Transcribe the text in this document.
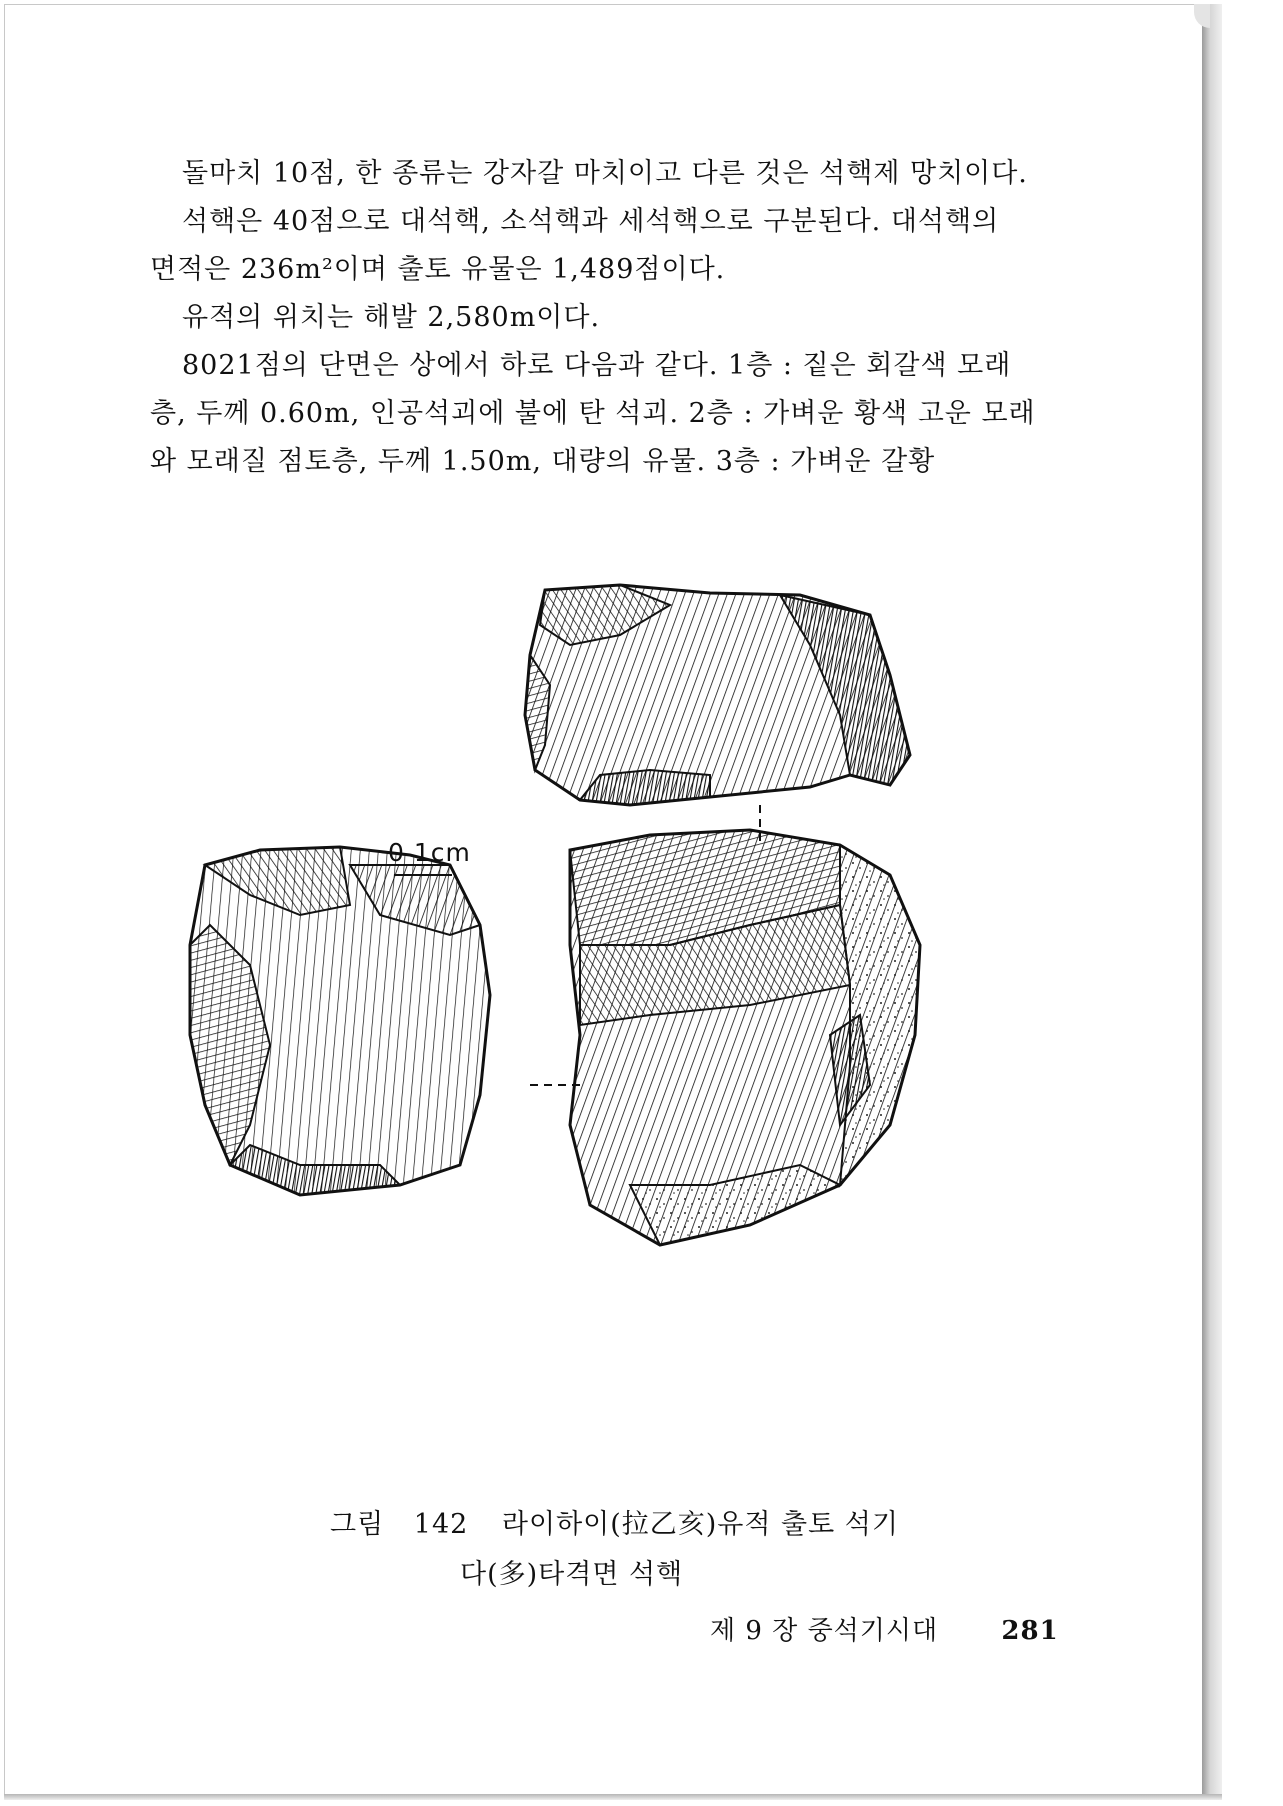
돌마치 10점, 한 종류는 강자갈 마치이고 다른 것은 석핵제 망치이다.

석핵은 40점으로 대석핵, 소석핵과 세석핵으로 구분된다. 대석핵의

면적은 236m²이며 출토 유물은 1,489점이다.

유적의 위치는 해발 2,580m이다.

8021점의 단면은 상에서 하로 다음과 같다. 1층 : 짙은 회갈색 모래층, 두께 0.60m, 인공석괴에 불에 탄 석괴. 2층 : 가벼운 황색 고운 모래와 모래질 점토층, 두께 1.50m, 대량의 유물. 3층 : 가벼운 갈황

0 1cm
그림 142 라이하이(拉乙亥)유적 출토 석기
다(多)타격면 석핵
제 9 장 중석기시대 281
